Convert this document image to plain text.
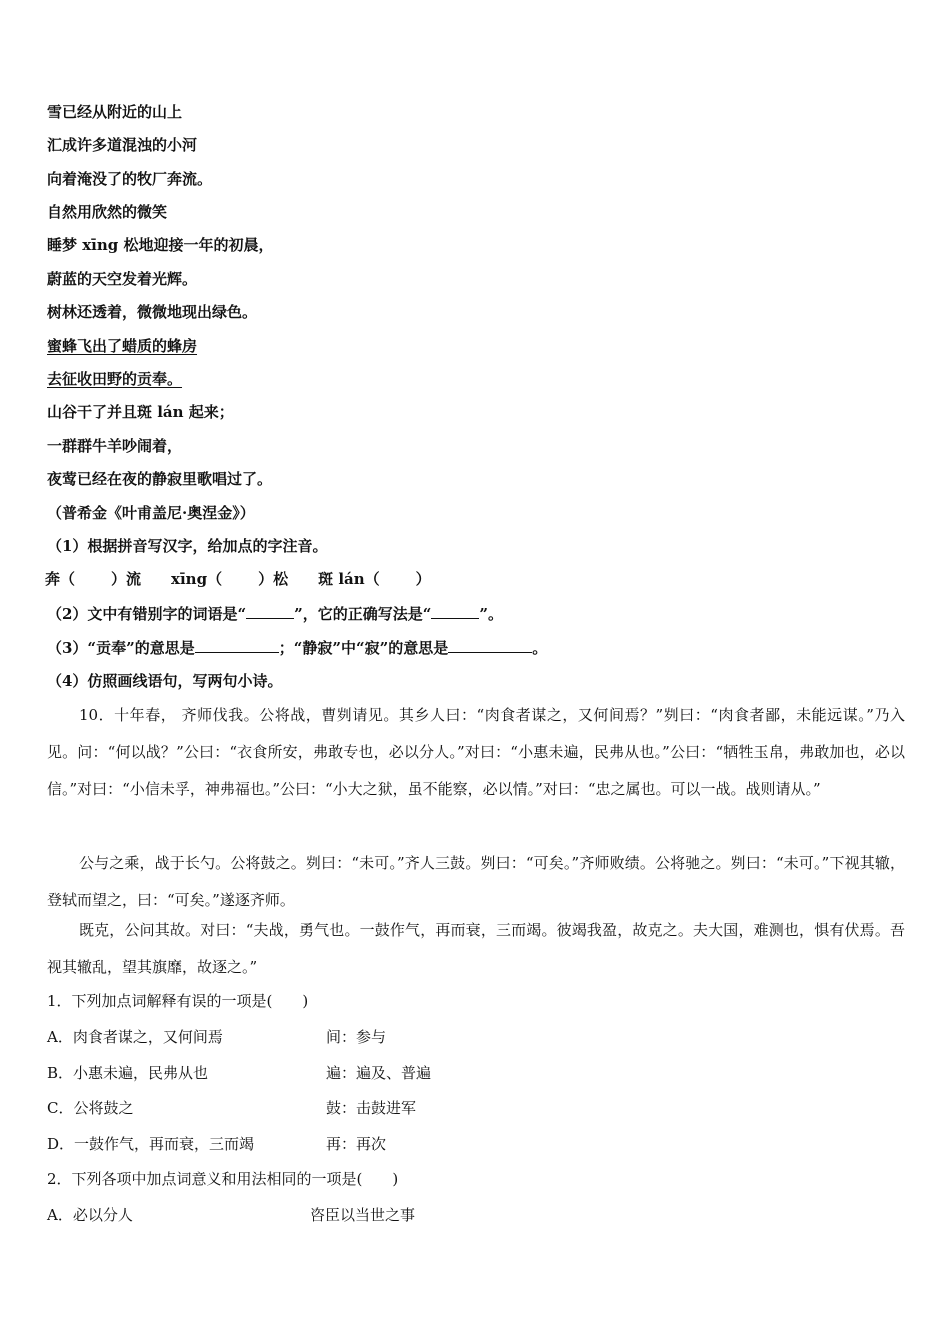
雪已经从附近的山上
汇成许多道混浊的小河
向着淹没了的牧厂奔流。
自然用欣然的微笑
睡梦 xīng 松地迎接一年的初晨，
蔚蓝的天空发着光辉。
树林还透着，微微地现出绿色。
蜜蜂飞出了蜡质的蜂房
去征收田野的贡奉。
山谷干了并且斑 lán 起来；
一群群牛羊吵闹着，
夜莺已经在夜的静寂里歌唱过了。
（普希金《叶甫盖尼·奥涅金》）
（1）根据拼音写汉字，给加点的字注音。
奔（ ）流 xīng（ ）松 斑 lán（ ）
（2）文中有错别字的词语是“	”，它的正确写法是“	”。
（3）“贡奉”的意思是	；“静寂”中“寂”的意思是	。
（4）仿照画线语句，写两句小诗。
10．十年春， 齐师伐我。公将战，曹刿请见。其乡人曰：“肉食者谋之，又何间焉？”刿曰：“肉食者鄙，未能远谋。”乃入见。问：“何以战？”公曰：“衣食所安，弗敢专也，必以分人。”对曰：“小惠未遍，民弗从也。”公曰：“牺牲玉帛，弗敢加也，必以信。”对曰：“小信未孚，神弗福也。”公曰：“小大之狱，虽不能察，必以情。”对曰：“忠之属也。可以一战。战则请从。”
公与之乘，战于长勺。公将鼓之。刿曰：“未可。”齐人三鼓。刿曰：“可矣。”齐师败绩。公将驰之。刿曰：“未可。”下视其辙，登轼而望之，曰：“可矣。”遂逐齐师。
既克，公问其故。对曰：“夫战，勇气也。一鼓作气，再而衰，三而竭。彼竭我盈，故克之。夫大国，难测也，惧有伏焉。吾视其辙乱，望其旗靡，故逐之。”
1．下列加点词解释有误的一项是(　　)
A．肉食者谋之，又何间焉	间：参与
B．小惠未遍，民弗从也	遍：遍及、普遍
C．公将鼓之	鼓：击鼓进军
D．一鼓作气，再而衰，三而竭	再：再次
2．下列各项中加点词意义和用法相同的一项是(　　)
A．必以分人	咨臣以当世之事
